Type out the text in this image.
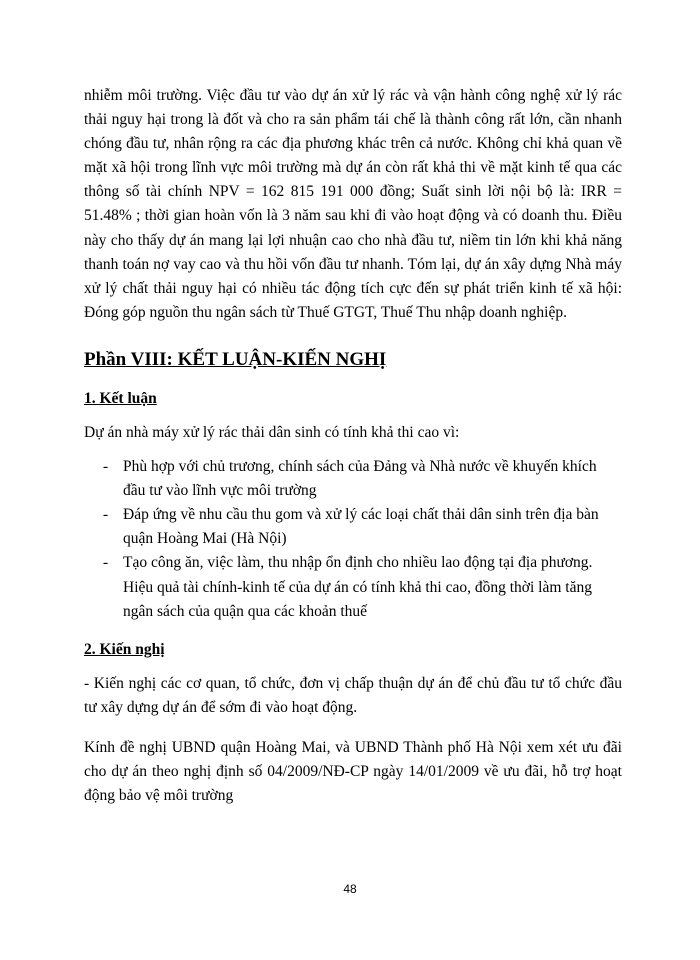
nhiễm môi trường. Việc đầu tư vào dự án xử lý rác và vận hành công nghệ xử lý rác thải nguy hại trong là đốt và cho ra sản phẩm tái chế là thành công rất lớn, cần nhanh chóng đầu tư, nhân rộng ra các địa phương khác trên cả nước. Không chỉ khả quan về mặt xã hội trong lĩnh vực môi trường mà dự án còn rất khả thi về mặt kinh tế qua các thông số tài chính NPV = 162 815 191 000 đồng; Suất sinh lời nội bộ là: IRR = 51.48% ; thời gian hoàn vốn là 3 năm sau khi đi vào hoạt động và có doanh thu. Điều này cho thấy dự án mang lại lợi nhuận cao cho nhà đầu tư, niềm tin lớn khi khả năng thanh toán nợ vay cao và thu hồi vốn đầu tư nhanh. Tóm lại, dự án xây dựng Nhà máy xử lý chất thải nguy hại có nhiều tác động tích cực đến sự phát triển kinh tế xã hội: Đóng góp nguồn thu ngân sách từ Thuế GTGT, Thuế Thu nhập doanh nghiệp.

Phần VIII: KẾT LUẬN-KIẾN NGHỊ
1. Kết luận

Dự án nhà máy xử lý rác thải dân sinh có tính khả thi cao vì:

- Phù hợp với chủ trương, chính sách của Đảng và Nhà nước về khuyến khích đầu tư vào lĩnh vực môi trường
- Đáp ứng về nhu cầu thu gom và xử lý các loại chất thải dân sinh trên địa bàn quận Hoàng Mai (Hà Nội)
- Tạo công ăn, việc làm, thu nhập ổn định cho nhiều lao động tại địa phương. Hiệu quả tài chính-kinh tế của dự án có tính khả thi cao, đồng thời làm tăng ngân sách của quận qua các khoản thuế
2. Kiến nghị

- Kiến nghị các cơ quan, tổ chức, đơn vị chấp thuận dự án để chủ đầu tư tổ chức đầu tư xây dựng dự án để sớm đi vào hoạt động.

Kính đề nghị UBND quận Hoàng Mai, và UBND Thành phố Hà Nội xem xét ưu đãi cho dự án theo nghị định số 04/2009/NĐ-CP ngày 14/01/2009 về ưu đãi, hỗ trợ hoạt động bảo vệ môi trường

48
